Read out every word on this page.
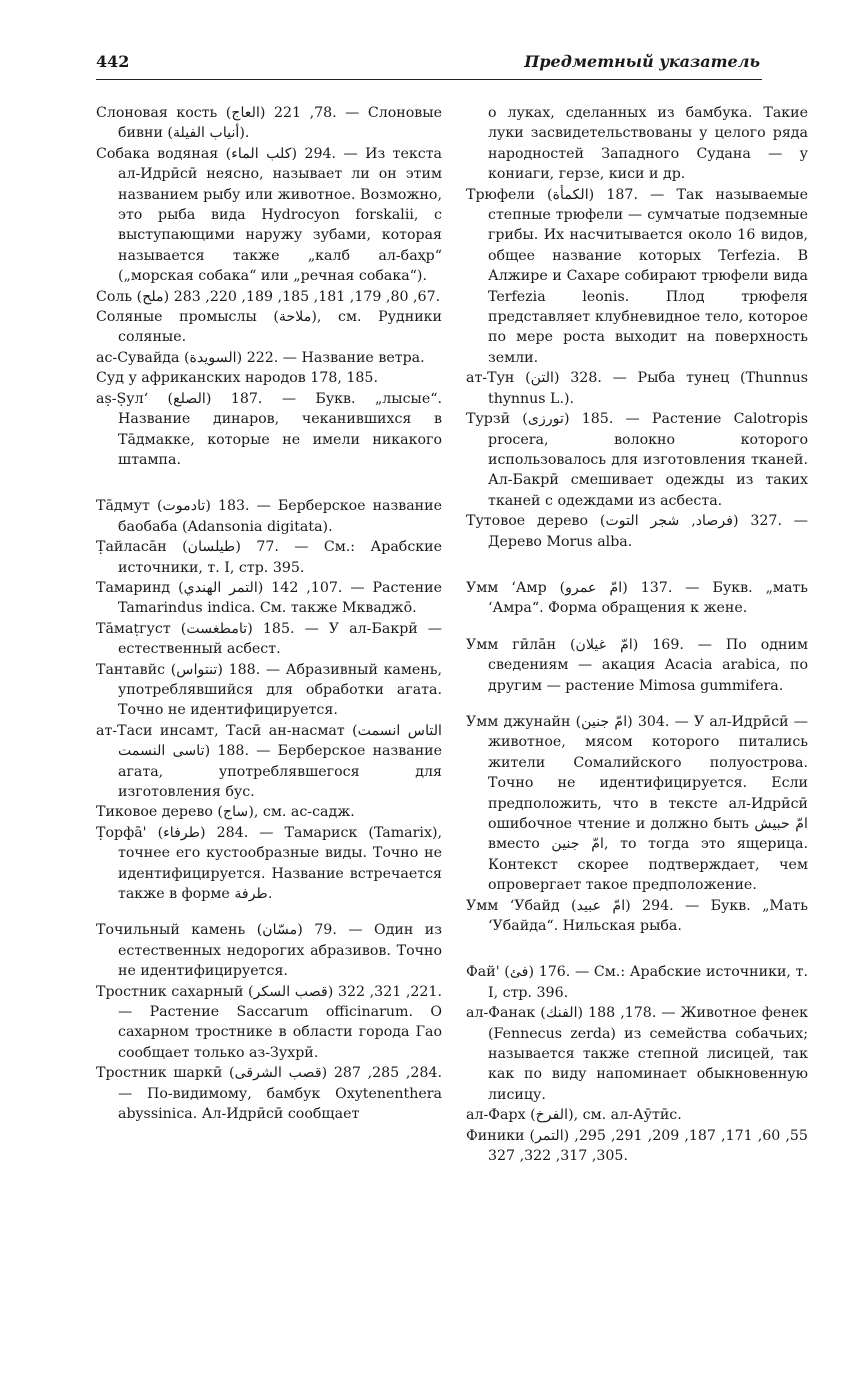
442	Предметный указатель

Слоновая кость (العاج) 78, 221. — Слоновые бивни (أنياب الفيلة).

Собака водяная (كلب الماء) 294. — Из текста ал-Идрӣсӣ неясно, называет ли он этим названием рыбу или животное. Возможно, это рыба вида Hydrocyon forskalii, с выступающими наружу зубами, которая называется также „калб ал-баҳр“ („морская собака“ или „речная собака“).

Соль (ملح) 67, 80, 179, 181, 185, 189, 220, 283.

Соляные промыслы (ملاحة), см. Рудники соляные.

ас-Сувайда (السويدة) 222. — Название ветра.

Суд у африканских народов 178, 185.

аṣ-Ṣулʻ (الصلع) 187. — Букв. „лысые“. Название динаров, чеканившихся в Тāдмакке, которые не имели никакого штампа.

Тāдмут (تادموت) 183. — Берберское название баобаба (Adansonia digitata).

Ṭайласāн (طيلسان) 77. — См.: Арабские источники, т. I, стр. 395.

Тамаринд (التمر الهندي) 107, 142. — Растение Tamarindus indica. См. также Мкваджō.

Тāмаṭгуст (تامطغست) 185. — У ал-Бакрӣ — естественный асбест.

Тантавйс (تنتواس) 188. — Абразивный камень, употреблявшийся для обработки агата. Точно не идентифицируется.

ат-Таси инсамт, Тасӣ ан-насмат (التاس انسمت تاسى النسمت) 188. — Берберское название агата, употреблявшегося для изготовления бус.

Тиковое дерево (ساج), см. ас-садж.

Ṭорфā' (طرفاء) 284. — Тамариск (Tamarix), точнее его кустообразные виды. Точно не идентифицируется. Название встречается также в форме طرفة.

Точильный камень (مسّان) 79. — Один из естественных недорогих абразивов. Точно не идентифицируется.

Тростник сахарный (قصب السكر) 221, 321, 322. — Растение Saccarum officinarum. О сахарном тростнике в области города Гао сообщает только аз-Зухрӣ.

Тростник шаркӣ (قصب الشرقى) 284, 285, 287. — По-видимому, бамбук Oxytenenthera abyssinica. Ал-Идрӣсӣ сообщает

о луках, сделанных из бамбука. Такие луки засвидетельствованы у целого ряда народностей Западного Судана — у кониаги, герзе, киси и др.

Трюфели (الكمأة) 187. — Так называемые степные трюфели — сумчатые подземные грибы. Их насчитывается около 16 видов, общее название которых Terfezia. В Алжире и Сахаре собирают трюфели вида Terfezia leonis. Плод трюфеля представляет клубневидное тело, которое по мере роста выходит на поверхность земли.

ат-Тун (التن) 328. — Рыба тунец (Thunnus thynnus L.).

Турзӣ (تورزى) 185. — Растение Calotropis procera, волокно которого использовалось для изготовления тканей. Ал-Бакрӣ смешивает одежды из таких тканей с одеждами из асбеста.

Тутовое дерево (فرصاد, شجر التوت) 327. — Дерево Morus alba.

Умм ʻАмр (امّ عمرو) 137. — Букв. „мать ʻАмра“. Форма обращения к жене.

Умм гӣлāн (امّ غيلان) 169. — По одним сведениям — акация Acacia arabica, по другим — растение Mimosa gummifera.

Умм джунайн (امّ جنين) 304. — У ал-Идрӣсӣ — животное, мясом которого питались жители Сомалийского полуострова. Точно не идентифицируется. Если предположить, что в тексте ал-Идрӣсӣ ошибочное чтение и должно быть امّ حبيش вместо امّ جنين, то тогда это ящерица. Контекст скорее подтверждает, чем опровергает такое предположение.

Умм ʻУбайд (امّ عبيد) 294. — Букв. „Мать ʻУбайда“. Нильская рыба.

Фай' (فئ) 176. — См.: Арабские источники, т. I, стр. 396.

ал-Фанак (الفنك) 178, 188. — Животное фенек (Fennecus zerda) из семейства собачьих; называется также степной лисицей, так как по виду напоминает обыкновенную лисицу.

ал-Фарх (الفرخ), см. ал-Аӯтӣс.

Финики (التمر) 55, 60, 171, 187, 209, 291, 295, 305, 317, 322, 327.
